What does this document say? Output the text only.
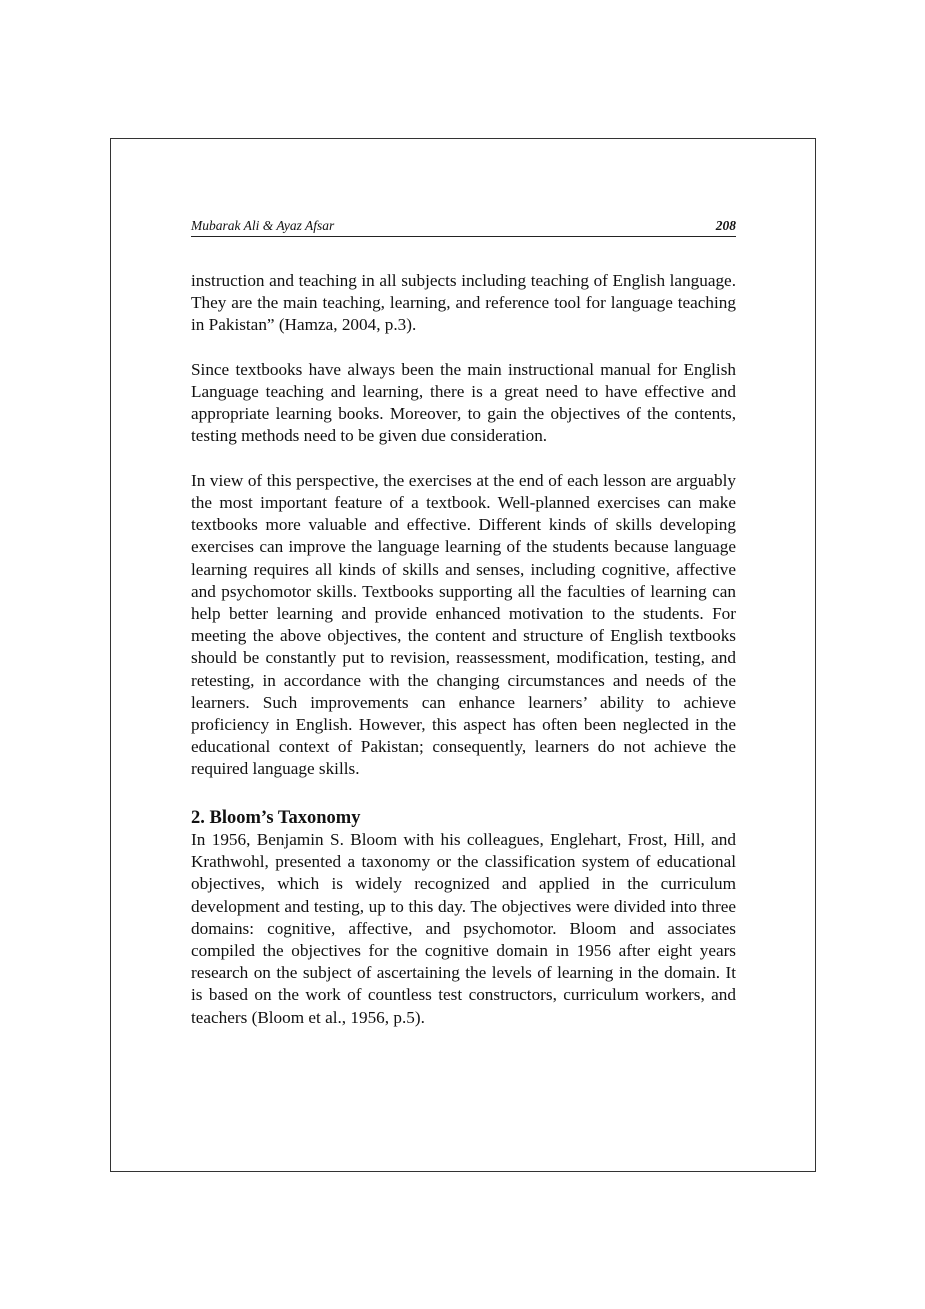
Mubarak Ali & Ayaz Afsar	208

instruction and teaching in all subjects including teaching of English language. They are the main teaching, learning, and reference tool for language teaching in Pakistan” (Hamza, 2004, p.3).

Since textbooks have always been the main instructional manual for English Language teaching and learning, there is a great need to have effective and appropriate learning books. Moreover, to gain the objectives of the contents, testing methods need to be given due consideration.

In view of this perspective, the exercises at the end of each lesson are arguably the most important feature of a textbook. Well-planned exercises can make textbooks more valuable and effective. Different kinds of skills developing exercises can improve the language learning of the students because language learning requires all kinds of skills and senses, including cognitive, affective and psychomotor skills. Textbooks supporting all the faculties of learning can help better learning and provide enhanced motivation to the students. For meeting the above objectives, the content and structure of English textbooks should be constantly put to revision, reassessment, modification, testing, and retesting, in accordance with the changing circumstances and needs of the learners. Such improvements can enhance learners’ ability to achieve proficiency in English. However, this aspect has often been neglected in the educational context of Pakistan; consequently, learners do not achieve the required language skills.

2. Bloom’s Taxonomy

In 1956, Benjamin S. Bloom with his colleagues, Englehart, Frost, Hill, and Krathwohl, presented a taxonomy or the classification system of educational objectives, which is widely recognized and applied in the curriculum development and testing, up to this day. The objectives were divided into three domains: cognitive, affective, and psychomotor. Bloom and associates compiled the objectives for the cognitive domain in 1956 after eight years research on the subject of ascertaining the levels of learning in the domain. It is based on the work of countless test constructors, curriculum workers, and teachers (Bloom et al., 1956, p.5).
